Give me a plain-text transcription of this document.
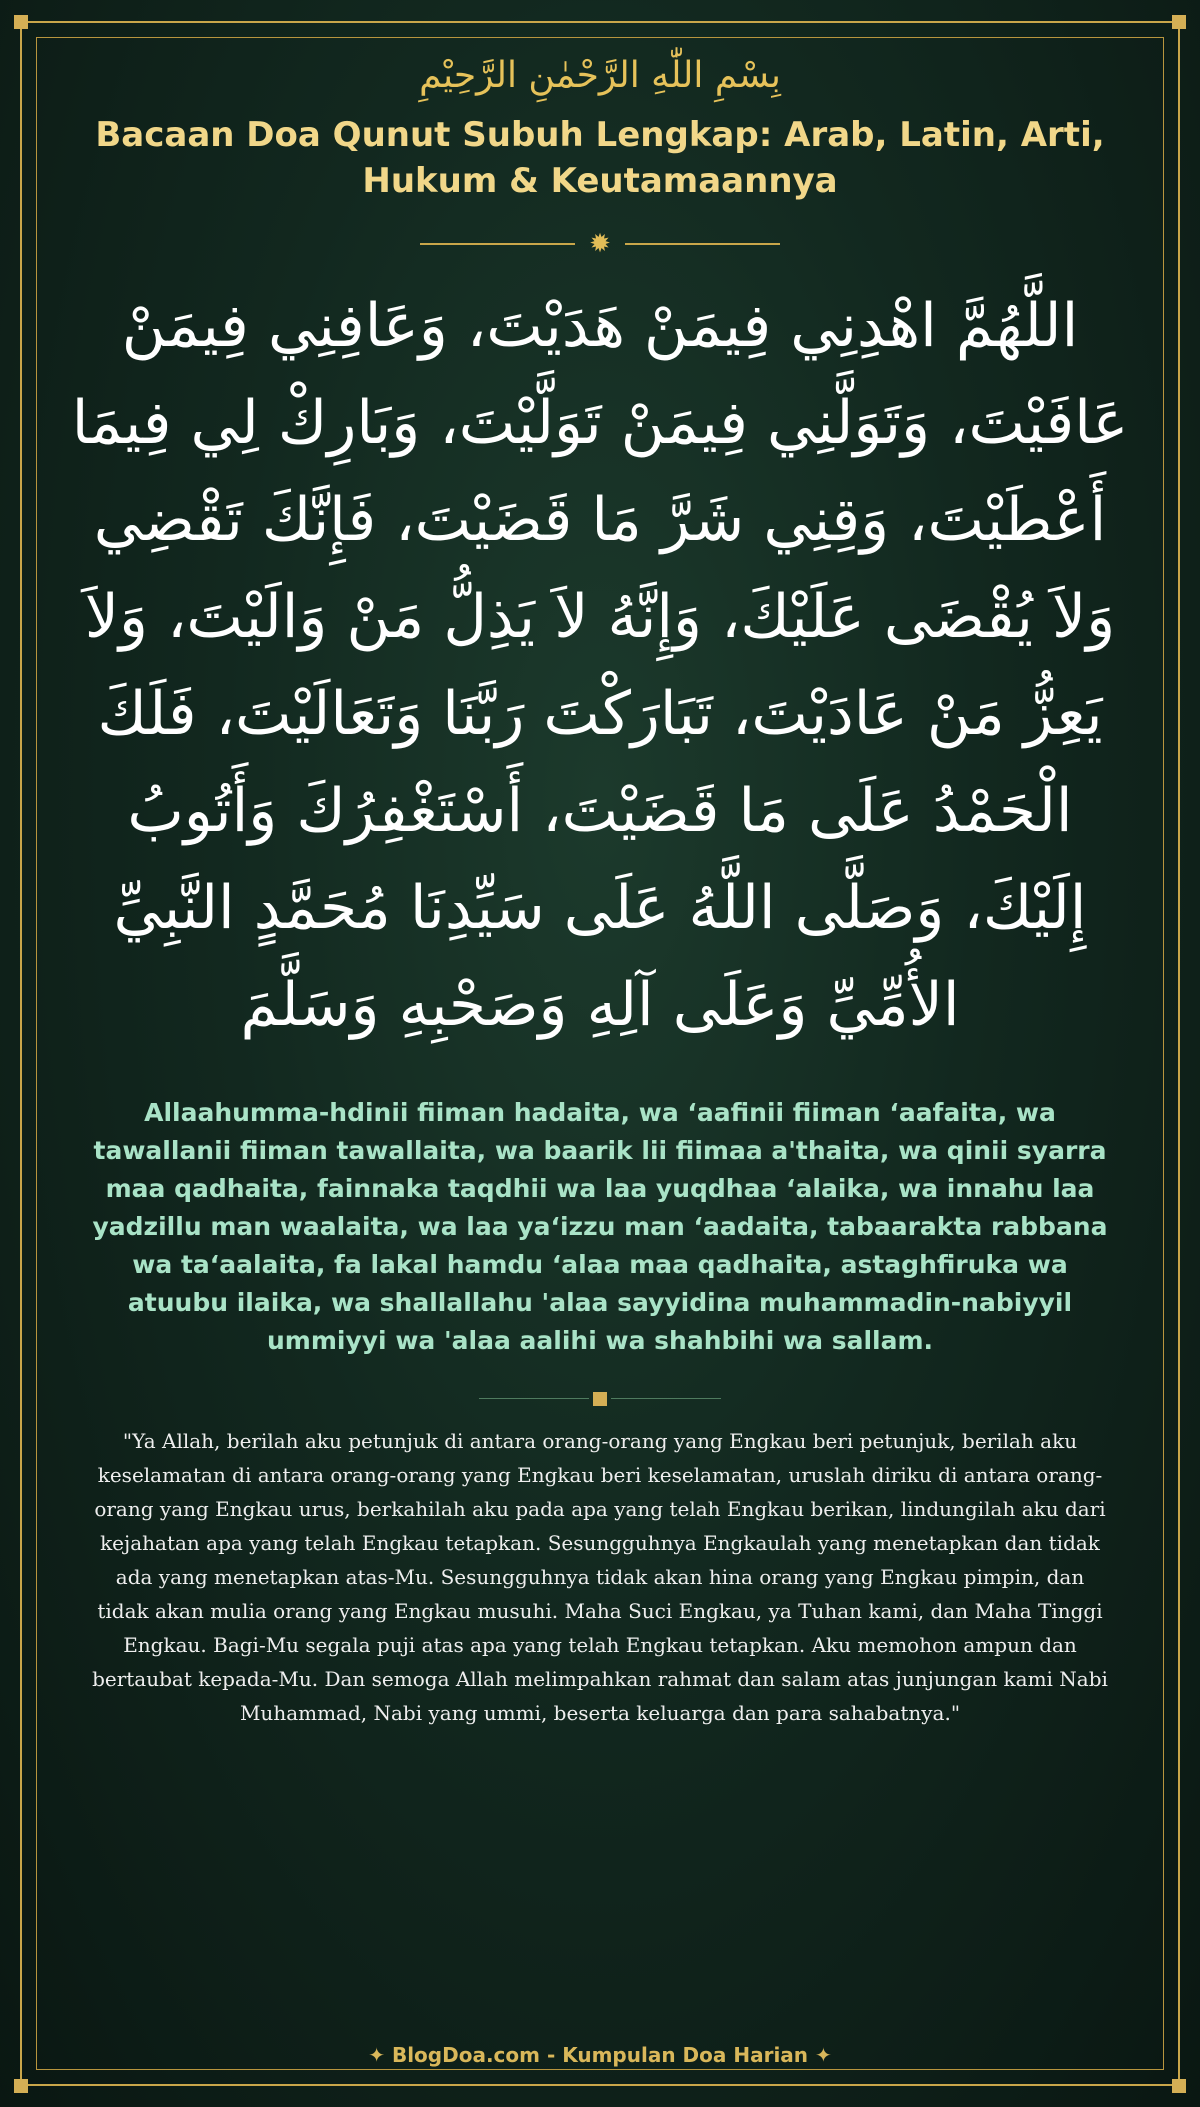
بِسْمِ اللّٰهِ الرَّحْمٰنِ الرَّحِيْمِ
Bacaan Doa Qunut Subuh Lengkap: Arab, Latin, Arti, Hukum & Keutamaannya
✹
اللَّهُمَّ اهْدِنِي فِيمَنْ هَدَيْتَ، وَعَافِنِي فِيمَنْ عَافَيْتَ، وَتَوَلَّنِي فِيمَنْ تَوَلَّيْتَ، وَبَارِكْ لِي فِيمَا أَعْطَيْتَ، وَقِنِي شَرَّ مَا قَضَيْتَ، فَإِنَّكَ تَقْضِي وَلاَ يُقْضَى عَلَيْكَ، وَإِنَّهُ لاَ يَذِلُّ مَنْ وَالَيْتَ، وَلاَ يَعِزُّ مَنْ عَادَيْتَ، تَبَارَكْتَ رَبَّنَا وَتَعَالَيْتَ، فَلَكَ الْحَمْدُ عَلَى مَا قَضَيْتَ، أَسْتَغْفِرُكَ وَأَتُوبُ إِلَيْكَ، وَصَلَّى اللَّهُ عَلَى سَيِّدِنَا مُحَمَّدٍ النَّبِيِّ الأُمِّيِّ وَعَلَى آلِهِ وَصَحْبِهِ وَسَلَّمَ
Allaahumma-hdinii fiiman hadaita, wa ‘aafinii fiiman ‘aafaita, wa tawallanii fiiman tawallaita, wa baarik lii fiimaa a'thaita, wa qinii syarra maa qadhaita, fainnaka taqdhii wa laa yuqdhaa ‘alaika, wa innahu laa yadzillu man waalaita, wa laa ya‘izzu man ‘aadaita, tabaarakta rabbana wa ta‘aalaita, fa lakal hamdu ‘alaa maa qadhaita, astaghfiruka wa atuubu ilaika, wa shallallahu 'alaa sayyidina muhammadin-nabiyyil ummiyyi wa 'alaa aalihi wa shahbihi wa sallam.
"Ya Allah, berilah aku petunjuk di antara orang-orang yang Engkau beri petunjuk, berilah aku keselamatan di antara orang-orang yang Engkau beri keselamatan, uruslah diriku di antara orang-orang yang Engkau urus, berkahilah aku pada apa yang telah Engkau berikan, lindungilah aku dari kejahatan apa yang telah Engkau tetapkan. Sesungguhnya Engkaulah yang menetapkan dan tidak ada yang menetapkan atas-Mu. Sesungguhnya tidak akan hina orang yang Engkau pimpin, dan tidak akan mulia orang yang Engkau musuhi. Maha Suci Engkau, ya Tuhan kami, dan Maha Tinggi Engkau. Bagi-Mu segala puji atas apa yang telah Engkau tetapkan. Aku memohon ampun dan bertaubat kepada-Mu. Dan semoga Allah melimpahkan rahmat dan salam atas junjungan kami Nabi Muhammad, Nabi yang ummi, beserta keluarga dan para sahabatnya."
✦ BlogDoa.com - Kumpulan Doa Harian ✦
